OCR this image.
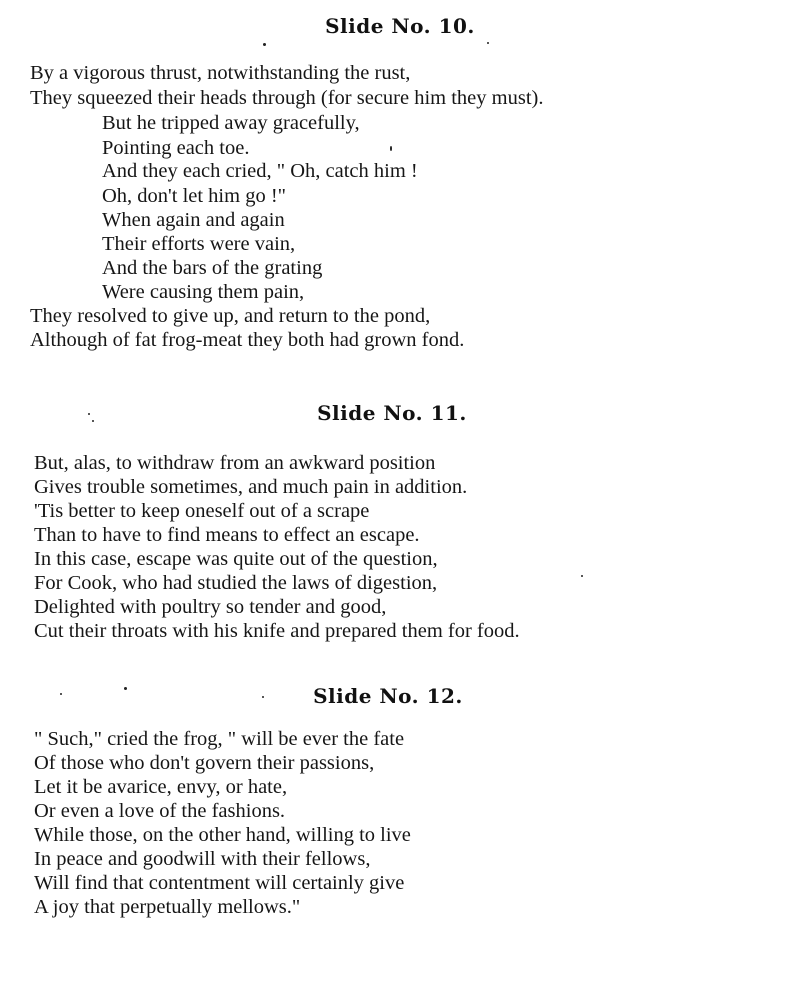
Slide No. 10.
By a vigorous thrust, notwithstanding the rust,
They squeezed their heads through (for secure him they must).
But he tripped away gracefully,
Pointing each toe.
And they each cried, " Oh, catch him !
Oh, don't let him go !"
When again and again
Their efforts were vain,
And the bars of the grating
Were causing them pain,
They resolved to give up, and return to the pond,
Although of fat frog-meat they both had grown fond.
Slide No. 11.
But, alas, to withdraw from an awkward position
Gives trouble sometimes, and much pain in addition.
'Tis better to keep oneself out of a scrape
Than to have to find means to effect an escape.
In this case, escape was quite out of the question,
For Cook, who had studied the laws of digestion,
Delighted with poultry so tender and good,
Cut their throats with his knife and prepared them for food.
Slide No. 12.
" Such," cried the frog, " will be ever the fate
Of those who don't govern their passions,
Let it be avarice, envy, or hate,
Or even a love of the fashions.
While those, on the other hand, willing to live
In peace and goodwill with their fellows,
Will find that contentment will certainly give
A joy that perpetually mellows."
